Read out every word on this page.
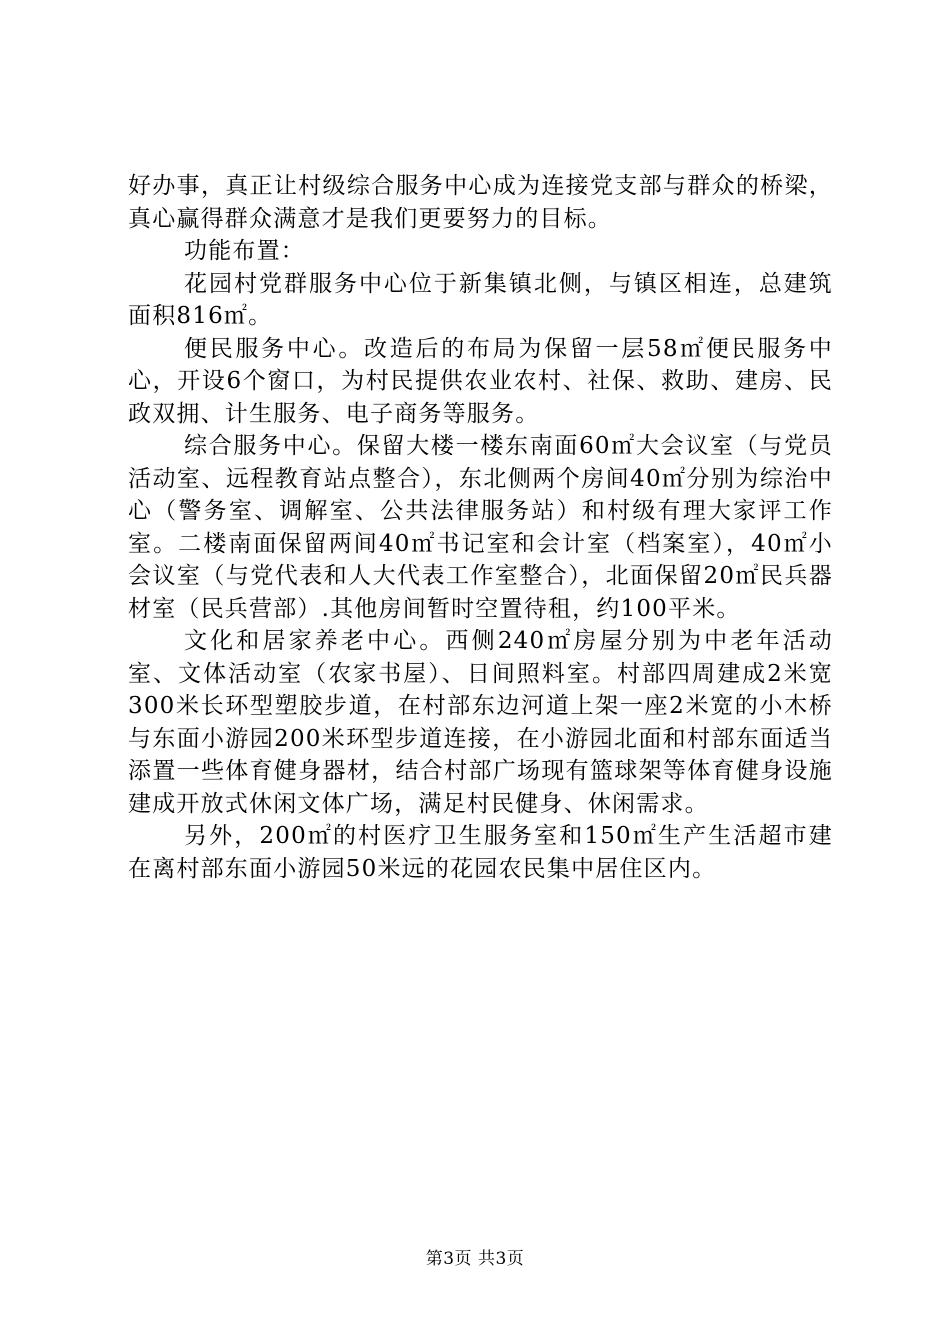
好办事，真正让村级综合服务中心成为连接党支部与群众的桥梁，真心赢得群众满意才是我们更要努力的目标。

功能布置：

花园村党群服务中心位于新集镇北侧，与镇区相连，总建筑面积816㎡。

便民服务中心。改造后的布局为保留一层58㎡便民服务中心，开设6个窗口，为村民提供农业农村、社保、救助、建房、民政双拥、计生服务、电子商务等服务。

综合服务中心。保留大楼一楼东南面60㎡大会议室（与党员活动室、远程教育站点整合），东北侧两个房间40㎡分别为综治中心（警务室、调解室、公共法律服务站）和村级有理大家评工作室。二楼南面保留两间40㎡书记室和会计室（档案室），40㎡小会议室（与党代表和人大代表工作室整合），北面保留20㎡民兵器材室（民兵营部）.其他房间暂时空置待租，约100平米。

文化和居家养老中心。西侧240㎡房屋分别为中老年活动室、文体活动室（农家书屋）、日间照料室。村部四周建成2米宽300米长环型塑胶步道，在村部东边河道上架一座2米宽的小木桥与东面小游园200米环型步道连接，在小游园北面和村部东面适当添置一些体育健身器材，结合村部广场现有篮球架等体育健身设施建成开放式休闲文体广场，满足村民健身、休闲需求。

另外，200㎡的村医疗卫生服务室和150㎡生产生活超市建在离村部东面小游园50米远的花园农民集中居住区内。

第3页 共3页
